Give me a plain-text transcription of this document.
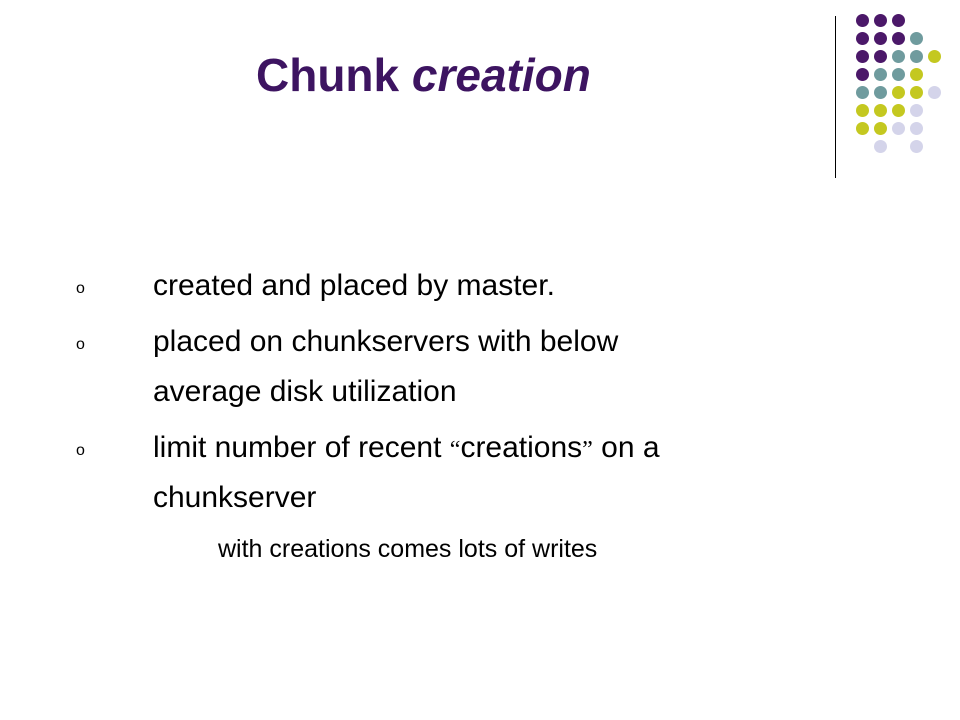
Chunk creation
o created and placed by master.
o placed on chunkservers with below
average disk utilization
o limit number of recent “creations” on a
chunkserver
with creations comes lots of writes
